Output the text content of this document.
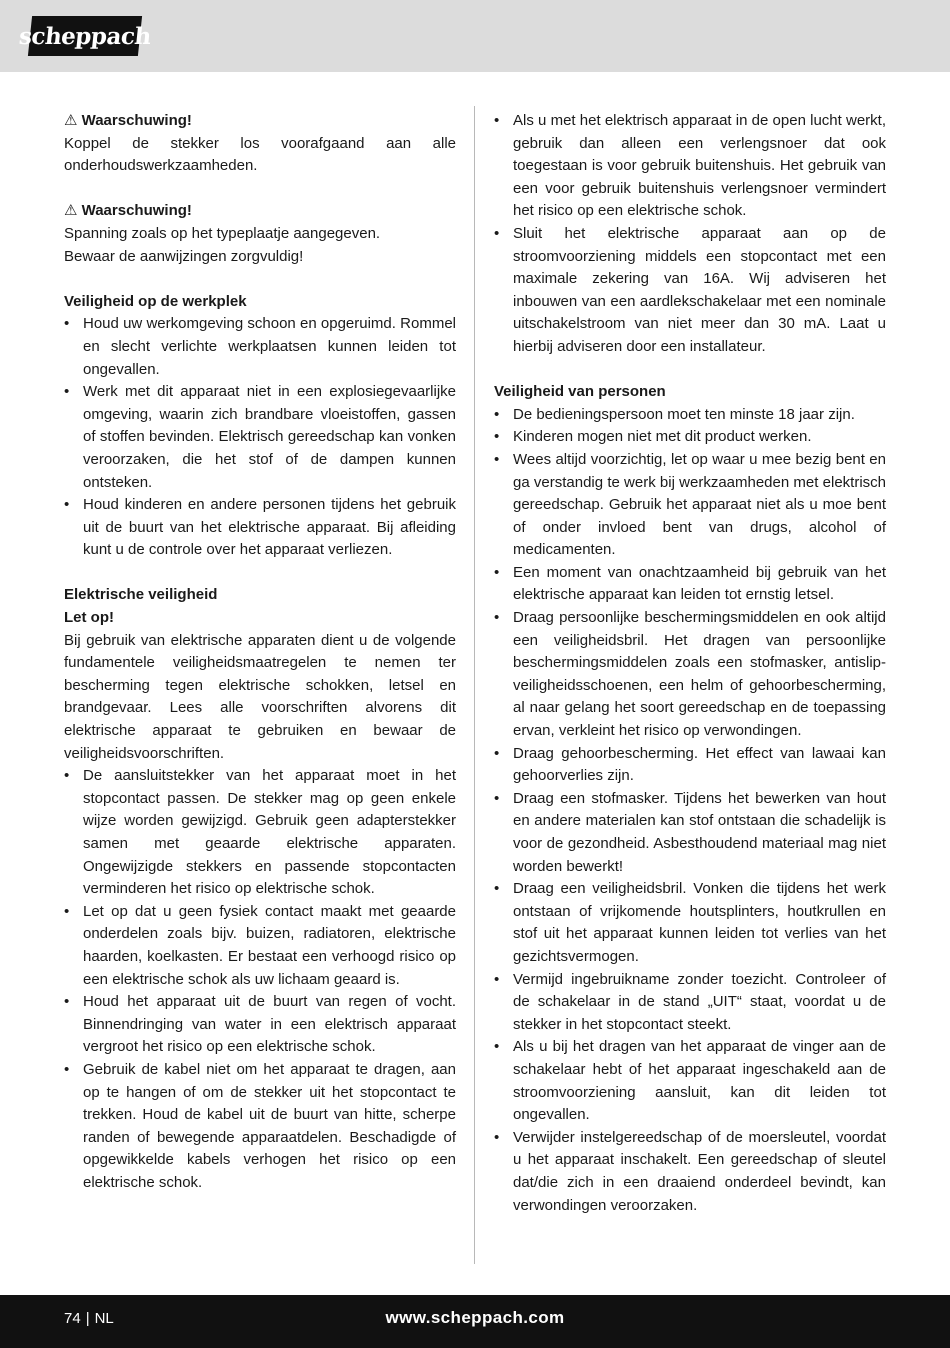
scheppach

⚠ Waarschuwing!

Koppel de stekker los voorafgaand aan alle onderhoudswerkzaamheden.

⚠ Waarschuwing!

Spanning zoals op het typeplaatje aangegeven.

Bewaar de aanwijzingen zorgvuldig!

Veiligheid op de werkplek

• Houd uw werkomgeving schoon en opgeruimd. Rommel en slecht verlichte werkplaatsen kunnen leiden tot ongevallen.
• Werk met dit apparaat niet in een explosiegevaarlijke omgeving, waarin zich brandbare vloeistoffen, gassen of stoffen bevinden. Elektrisch gereedschap kan vonken veroorzaken, die het stof of de dampen kunnen ontsteken.
• Houd kinderen en andere personen tijdens het gebruik uit de buurt van het elektrische apparaat. Bij afleiding kunt u de controle over het apparaat verliezen.

Elektrische veiligheid

Let op!

Bij gebruik van elektrische apparaten dient u de volgende fundamentele veiligheidsmaatregelen te nemen ter bescherming tegen elektrische schokken, letsel en brandgevaar. Lees alle voorschriften alvorens dit elektrische apparaat te gebruiken en bewaar de veiligheidsvoorschriften.

• De aansluitstekker van het apparaat moet in het stopcontact passen. De stekker mag op geen enkele wijze worden gewijzigd. Gebruik geen adapterstekker samen met geaarde elektrische apparaten. Ongewijzigde stekkers en passende stopcontacten verminderen het risico op elektrische schok.
• Let op dat u geen fysiek contact maakt met geaarde onderdelen zoals bijv. buizen, radiatoren, elektrische haarden, koelkasten. Er bestaat een verhoogd risico op een elektrische schok als uw lichaam geaard is.
• Houd het apparaat uit de buurt van regen of vocht. Binnendringing van water in een elektrisch apparaat vergroot het risico op een elektrische schok.
• Gebruik de kabel niet om het apparaat te dragen, aan op te hangen of om de stekker uit het stopcontact te trekken. Houd de kabel uit de buurt van hitte, scherpe randen of bewegende apparaatdelen. Beschadigde of opgewikkelde kabels verhogen het risico op een elektrische schok.
• Als u met het elektrisch apparaat in de open lucht werkt, gebruik dan alleen een verlengsnoer dat ook toegestaan is voor gebruik buitenshuis. Het gebruik van een voor gebruik buitenshuis verlengsnoer vermindert het risico op een elektrische schok.
• Sluit het elektrische apparaat aan op de stroomvoorziening middels een stopcontact met een maximale zekering van 16A. Wij adviseren het inbouwen van een aardlekschakelaar met een nominale uitschakelstroom van niet meer dan 30 mA. Laat u hierbij adviseren door een installateur.

Veiligheid van personen

• De bedieningspersoon moet ten minste 18 jaar zijn.
• Kinderen mogen niet met dit product werken.
• Wees altijd voorzichtig, let op waar u mee bezig bent en ga verstandig te werk bij werkzaamheden met elektrisch gereedschap. Gebruik het apparaat niet als u moe bent of onder invloed bent van drugs, alcohol of medicamenten.
• Een moment van onachtzaamheid bij gebruik van het elektrische apparaat kan leiden tot ernstig letsel.
• Draag persoonlijke beschermingsmiddelen en ook altijd een veiligheidsbril. Het dragen van persoonlijke beschermingsmiddelen zoals een stofmasker, antislip-veiligheidsschoenen, een helm of gehoorbescherming, al naar gelang het soort gereedschap en de toepassing ervan, verkleint het risico op verwondingen.
• Draag gehoorbescherming. Het effect van lawaai kan gehoorverlies zijn.
• Draag een stofmasker. Tijdens het bewerken van hout en andere materialen kan stof ontstaan die schadelijk is voor de gezondheid. Asbesthoudend materiaal mag niet worden bewerkt!
• Draag een veiligheidsbril. Vonken die tijdens het werk ontstaan of vrijkomende houtsplinters, houtkrullen en stof uit het apparaat kunnen leiden tot verlies van het gezichtsvermogen.
• Vermijd ingebruikname zonder toezicht. Controleer of de schakelaar in de stand „UIT“ staat, voordat u de stekker in het stopcontact steekt.
• Als u bij het dragen van het apparaat de vinger aan de schakelaar hebt of het apparaat ingeschakeld aan de stroomvoorziening aansluit, kan dit leiden tot ongevallen.
• Verwijder instelgereedschap of de moersleutel, voordat u het apparaat inschakelt. Een gereedschap of sleutel dat/die zich in een draaiend onderdeel bevindt, kan verwondingen veroorzaken.
74 | NL	www.scheppach.com
